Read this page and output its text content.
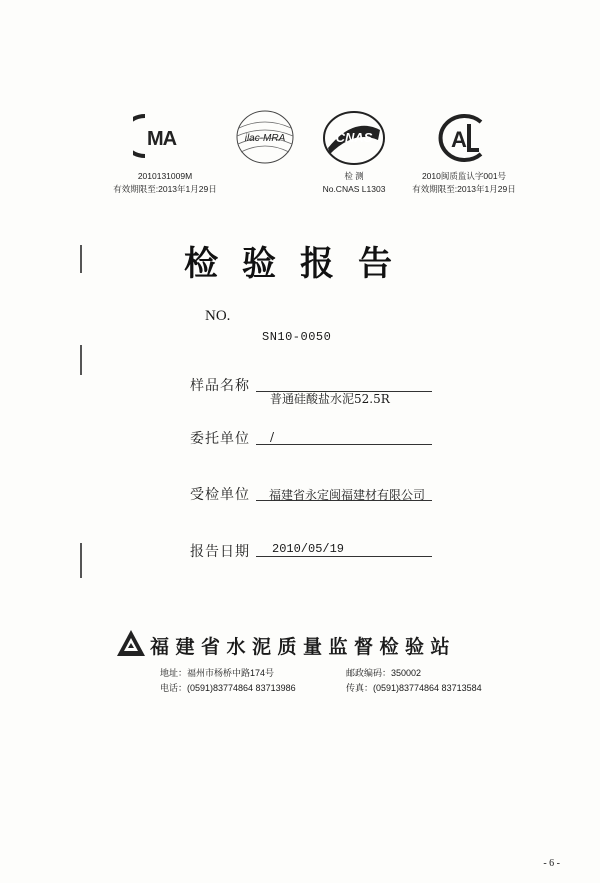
MA
2010131009M
有效期限至:2013年1月29日
ilac-MRA	CNAS
检 测
No.CNAS L1303
A
2010闽质监认字001号
有效期限至:2013年1月29日
检验报告
NO.
SN10-0050
样品名称
普通硅酸盐水泥52.5R
委托单位 /
受检单位 福建省永定闽福建材有限公司
报告日期 2010/05/19
福建省水泥质量监督检验站
地址：福州市杨桥中路174号	邮政编码：350002
电话：(0591)83774864 83713986	传真：(0591)83774864 83713584
- 6 -
